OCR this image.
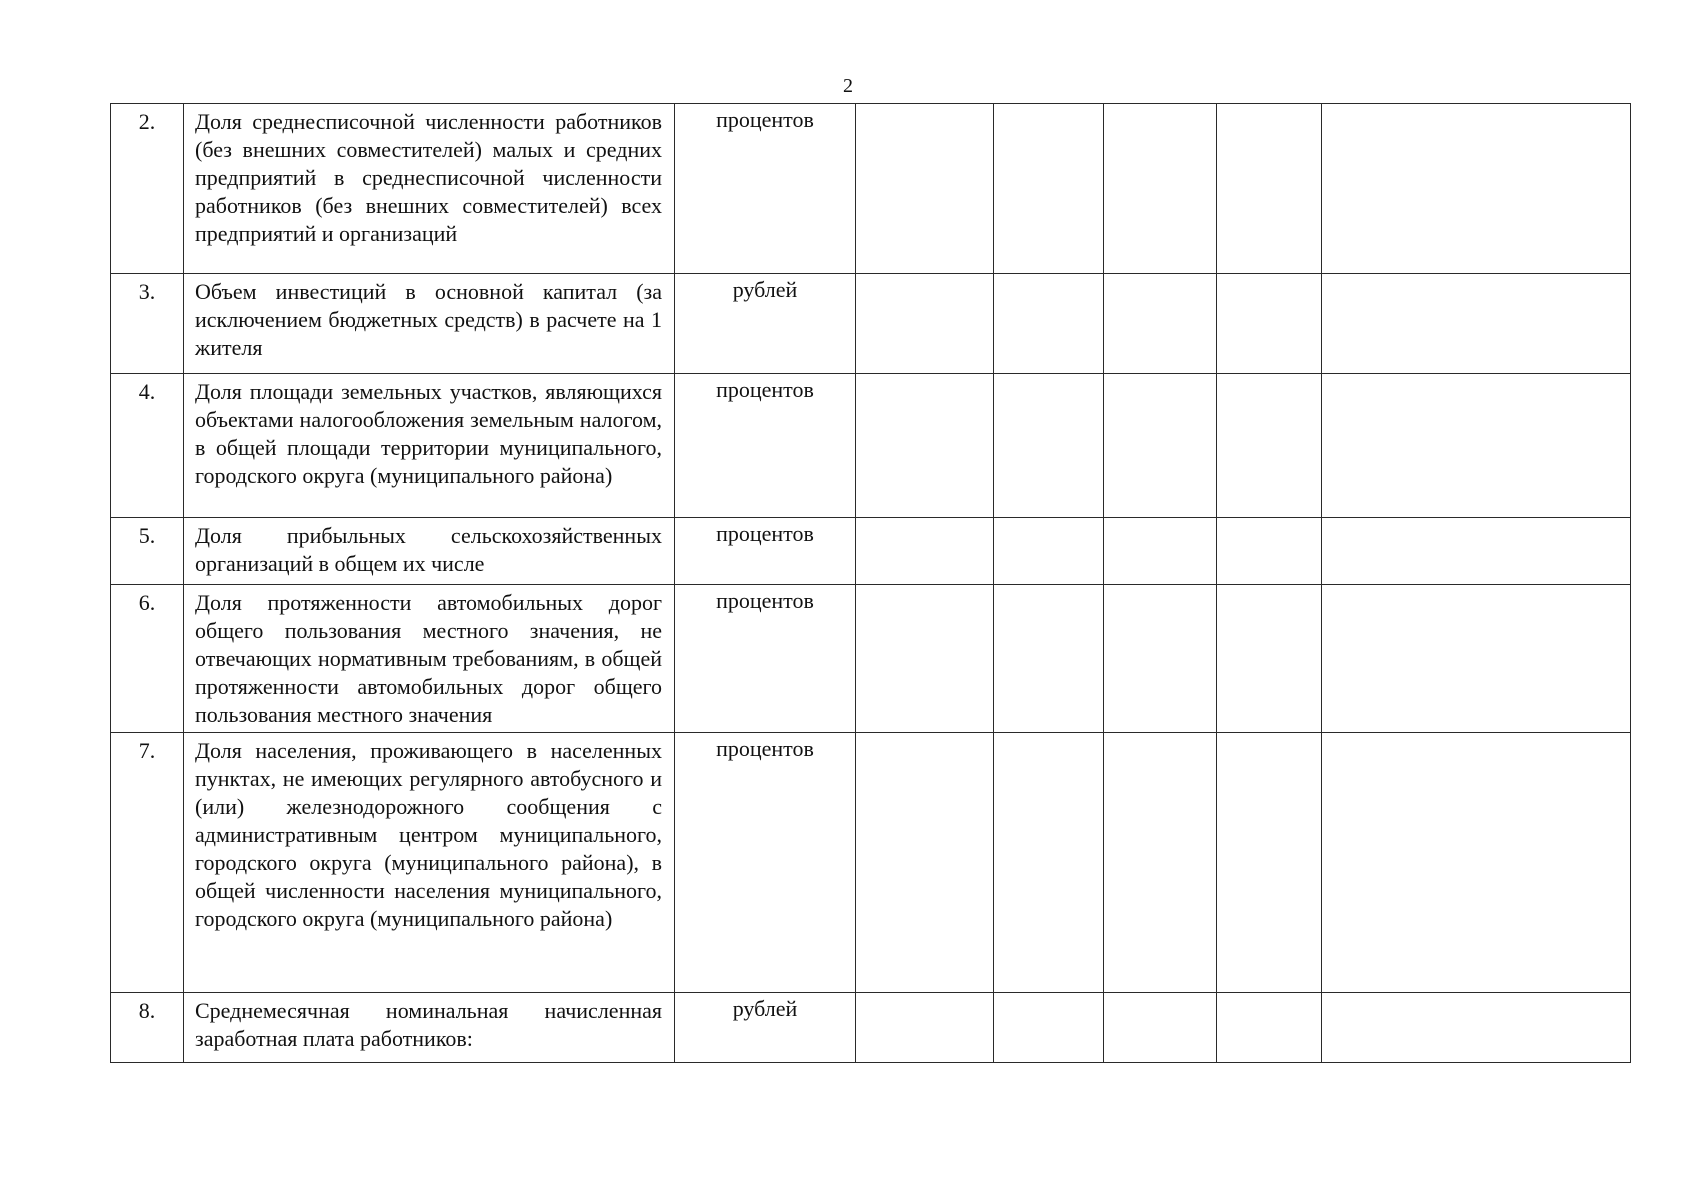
2
2.	Доля среднесписочной численности работников (без внешних совместителей) малых и средних предприятий в среднесписочной численности работников (без внешних совместителей) всех предприятий и организаций	процентов					
3.	Объем инвестиций в основной капитал (за исключением бюджетных средств) в расчете на 1 жителя	рублей					
4.	Доля площади земельных участков, являющихся объектами налогообложения земельным налогом, в общей площади территории муниципального, городского округа (муниципального района)	процентов					
5.	Доля прибыльных сельскохозяйственных организаций в общем их числе	процентов					
6.	Доля протяженности автомобильных дорог общего пользования местного значения, не отвечающих нормативным требованиям, в общей протяженности автомобильных дорог общего пользования местного значения	процентов					
7.	Доля населения, проживающего в населенных пунктах, не имеющих регулярного автобусного и (или) железнодорожного сообщения с административным центром муниципального, городского округа (муниципального района), в общей численности населения муниципального, городского округа (муниципального района)	процентов					
8.	Среднемесячная номинальная начисленная заработная плата работников:	рублей					
